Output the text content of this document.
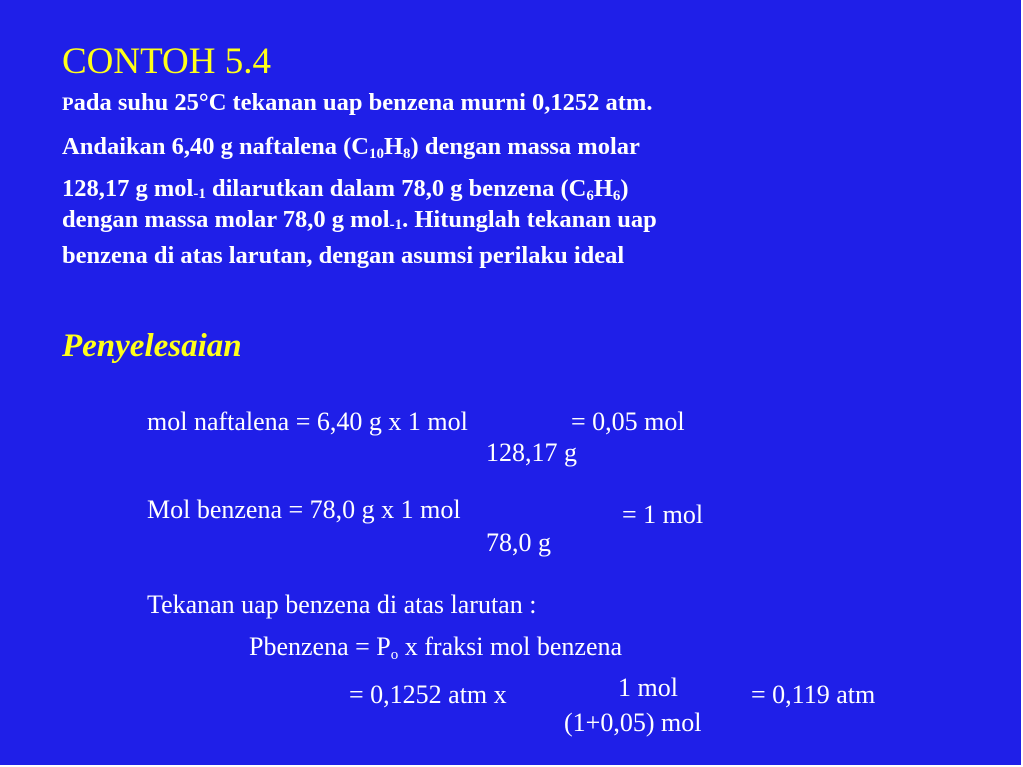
CONTOH 5.4
Pada suhu 25°C tekanan uap benzena murni 0,1252 atm.
Andaikan 6,40 g naftalena $(C_{10}H_8)$ dengan massa molar
128,17 g mol-1 dilarutkan dalam 78,0 g benzena $(C_6H_6)$
dengan massa molar 78,0 g mol-1. Hitunglah tekanan uap
benzena di atas larutan, dengan asumsi perilaku ideal
Penyelesaian
mol naftalena = 6,40 g x 1 mol	= 0,05 mol
128,17 g
Mol benzena = 78,0 g x 1 mol	= 1 mol
78,0 g
Tekanan uap benzena di atas larutan :
Pbenzena = $P_o$ x fraksi mol benzena
= 0,1252 atm x	1 mol
(1+0,05) mol
= 0,119 atm
